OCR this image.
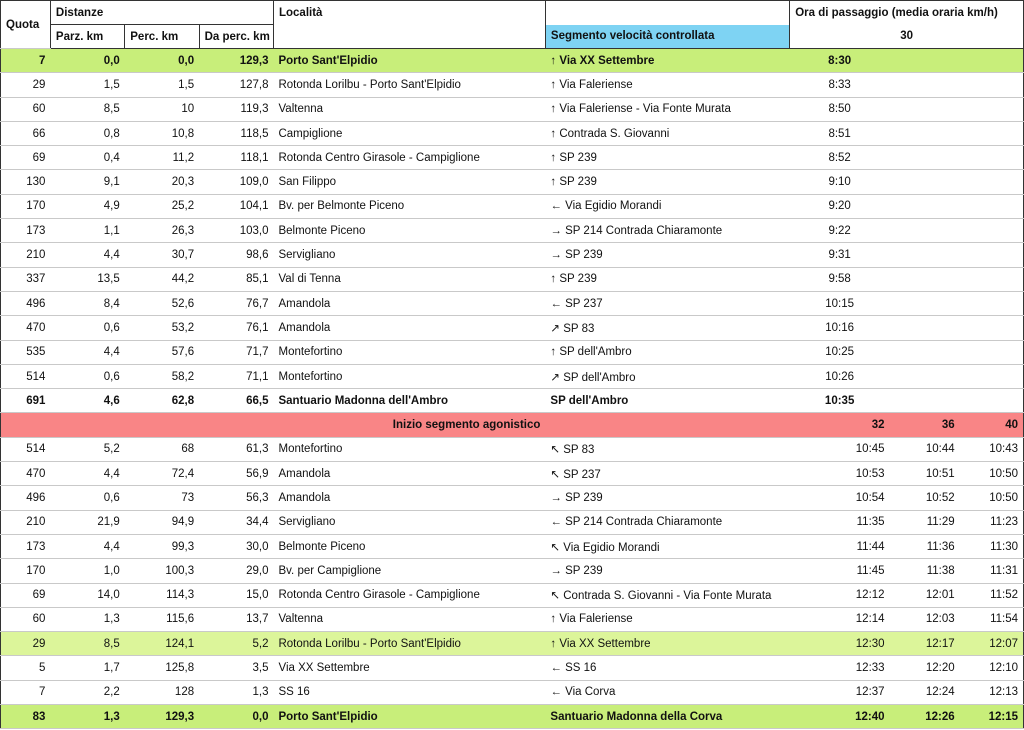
Quota	Distanze			Località		Ora di passaggio (media oraria km/h)		
	Parz. km	Perc. km	Da perc. km		Segmento velocità controllata	30		
7	0,0	0,0	129,3	Porto Sant'Elpidio	↑ Via XX Settembre	8:30		
29	1,5	1,5	127,8	Rotonda Lorilbu - Porto Sant'Elpidio	↑ Via Faleriense	8:33		
60	8,5	10	119,3	Valtenna	↑ Via Faleriense - Via Fonte Murata	8:50		
66	0,8	10,8	118,5	Campiglione	↑ Contrada S. Giovanni	8:51		
69	0,4	11,2	118,1	Rotonda Centro Girasole - Campiglione	↑ SP 239	8:52		
130	9,1	20,3	109,0	San Filippo	↑ SP 239	9:10		
170	4,9	25,2	104,1	Bv. per Belmonte Piceno	← Via Egidio Morandi	9:20		
173	1,1	26,3	103,0	Belmonte Piceno	→ SP 214 Contrada Chiaramonte	9:22		
210	4,4	30,7	98,6	Servigliano	→ SP 239	9:31		
337	13,5	44,2	85,1	Val di Tenna	↑ SP 239	9:58		
496	8,4	52,6	76,7	Amandola	← SP 237	10:15		
470	0,6	53,2	76,1	Amandola	↗ SP 83	10:16		
535	4,4	57,6	71,7	Montefortino	↑ SP dell'Ambro	10:25		
514	0,6	58,2	71,1	Montefortino	↗ SP dell'Ambro	10:26		
691	4,6	62,8	66,5	Santuario Madonna dell'Ambro	SP dell'Ambro	10:35		
Inizio segmento agonistico						32	36	40
514	5,2	68	61,3	Montefortino	↖ SP 83	10:45	10:44	10:43
470	4,4	72,4	56,9	Amandola	↖ SP 237	10:53	10:51	10:50
496	0,6	73	56,3	Amandola	→ SP 239	10:54	10:52	10:50
210	21,9	94,9	34,4	Servigliano	← SP 214 Contrada Chiaramonte	11:35	11:29	11:23
173	4,4	99,3	30,0	Belmonte Piceno	↖ Via Egidio Morandi	11:44	11:36	11:30
170	1,0	100,3	29,0	Bv. per Campiglione	→ SP 239	11:45	11:38	11:31
69	14,0	114,3	15,0	Rotonda Centro Girasole - Campiglione	↖ Contrada S. Giovanni - Via Fonte Murata	12:12	12:01	11:52
60	1,3	115,6	13,7	Valtenna	↑ Via Faleriense	12:14	12:03	11:54
29	8,5	124,1	5,2	Rotonda Lorilbu - Porto Sant'Elpidio	↑ Via XX Settembre	12:30	12:17	12:07
5	1,7	125,8	3,5	Via XX Settembre	← SS 16	12:33	12:20	12:10
7	2,2	128	1,3	SS 16	← Via Corva	12:37	12:24	12:13
83	1,3	129,3	0,0	Porto Sant'Elpidio	Santuario Madonna della Corva	12:40	12:26	12:15
